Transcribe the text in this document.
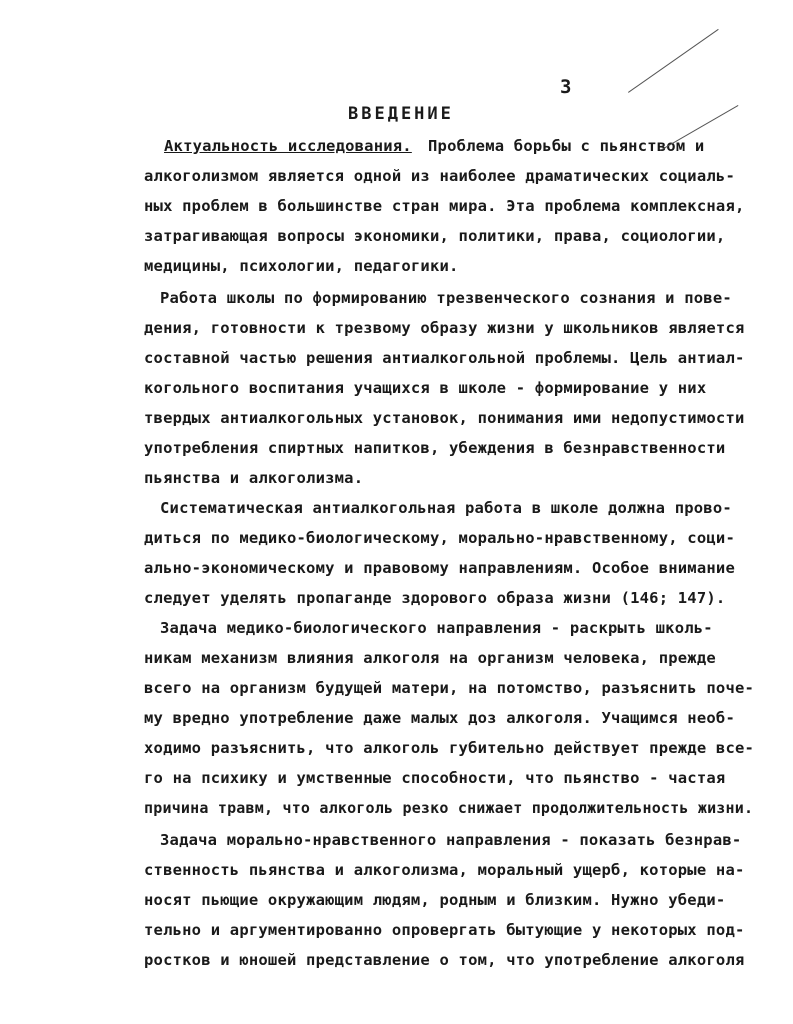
3
ВВЕДЕНИЕ
Актуальность исследования. Проблема борьбы с пьянством и
алкоголизмом является одной из наиболее драматических социаль-
ных проблем в большинстве стран мира. Эта проблема комплексная,
затрагивающая вопросы экономики, политики, права, социологии,
медицины, психологии, педагогики.
Работа школы по формированию трезвенческого сознания и пове-
дения, готовности к трезвому образу жизни у школьников является
составной частью решения антиалкогольной проблемы. Цель антиал-
когольного воспитания учащихся в школе - формирование у них
твердых антиалкогольных установок, понимания ими недопустимости
употребления спиртных напитков, убеждения в безнравственности
пьянства и алкоголизма.
Систематическая антиалкогольная работа в школе должна прово-
диться по медико-биологическому, морально-нравственному, соци-
ально-экономическому и правовому направлениям. Особое внимание
следует уделять пропаганде здорового образа жизни (146; 147).
Задача медико-биологического направления - раскрыть школь-
никам механизм влияния алкоголя на организм человека, прежде
всего на организм будущей матери, на потомство, разъяснить поче-
му вредно употребление даже малых доз алкоголя. Учащимся необ-
ходимо разъяснить, что алкоголь губительно действует прежде все-
го на психику и умственные способности, что пьянство - частая
причина травм, что алкоголь резко снижает продолжительность жизни.
Задача морально-нравственного направления - показать безнрав-
ственность пьянства и алкоголизма, моральный ущерб, которые на-
носят пьющие окружающим людям, родным и близким. Нужно убеди-
тельно и аргументированно опровергать бытующие у некоторых под-
ростков и юношей представление о том, что употребление алкоголя
